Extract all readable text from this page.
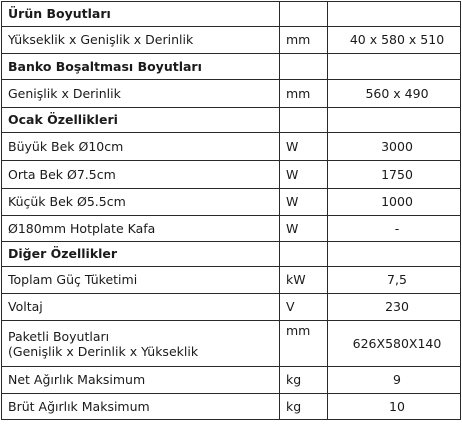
Ürün Boyutları		
Yükseklik x Genişlik x Derinlik	mm	40 x 580 x 510
Banko Boşaltması Boyutları		
Genişlik x Derinlik	mm	560 x 490
Ocak Özellikleri		
Büyük Bek Ø10cm	W	3000
Orta Bek Ø7.5cm	W	1750
Küçük Bek Ø5.5cm	W	1000
Ø180mm Hotplate Kafa	W	-
Diğer Özellikler		
Toplam Güç Tüketimi	kW	7,5
Voltaj	V	230

Paketli Boyutları
(Genişlik x Derinlik x Yükseklik	mm	626X580X140
Net Ağırlık Maksimum	kg	9
Brüt Ağırlık Maksimum	kg	10
